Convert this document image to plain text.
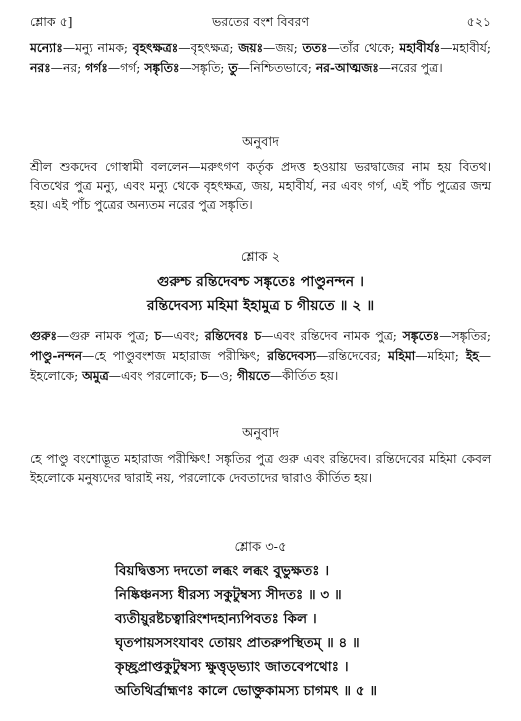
শ্লোক ৫]	ভরতের বংশ বিবরণ	৫২১

মন্যোঃ—মন্যু নামক; বৃহৎক্ষত্রঃ—বৃহৎক্ষত্র; জয়ঃ—জয়; ততঃ—তাঁর থেকে; মহাবীর্যঃ—মহাবীর্য; নরঃ—নর; গর্গঃ—গর্গ; সঙ্কৃতিঃ—সঙ্কৃতি; তু—নিশ্চিতভাবে; নর-আত্মজঃ—নরের পুত্র।

অনুবাদ

শ্রীল শুকদেব গোস্বামী বললেন—মরুৎগণ কর্তৃক প্রদত্ত হওয়ায় ভরদ্বাজের নাম হয় বিতথ। বিতথের পুত্র মন্যু, এবং মন্যু থেকে বৃহৎক্ষত্র, জয়, মহাবীর্য, নর এবং গর্গ, এই পাঁচ পুত্রের জন্ম হয়। এই পাঁচ পুত্রের অন্যতম নরের পুত্র সঙ্কৃতি।

শ্লোক ২
গুরুশ্চ রন্তিদেবশ্চ সঙ্কৃতেঃ পাণ্ডুনন্দন ।
রন্তিদেবস্য মহিমা ইহামুত্র চ গীয়তে ॥ ২ ॥

গুরুঃ—গুরু নামক পুত্র; চ—এবং; রন্তিদেবঃ চ—এবং রন্তিদেব নামক পুত্র; সঙ্কৃতেঃ—সঙ্কৃতির; পাণ্ডু-নন্দন—হে পাণ্ডুবংশজ মহারাজ পরীক্ষিৎ; রন্তিদেবস্য—রন্তিদেবের; মহিমা—মহিমা; ইহ—ইহলোকে; অমুত্র—এবং পরলোকে; চ—ও; গীয়তে—কীর্তিত হয়।

অনুবাদ

হে পাণ্ডু বংশোদ্ভূত মহারাজ পরীক্ষিৎ! সঙ্কৃতির পুত্র গুরু এবং রন্তিদেব। রন্তিদেবের মহিমা কেবল ইহলোকে মনুষ্যদের দ্বারাই নয়, পরলোকে দেবতাদের দ্বারাও কীর্তিত হয়।

শ্লোক ৩-৫
বিয়দ্বিত্তস্য দদতো লব্ধং লব্ধং বুভুক্ষতঃ ।
নিষ্কিঞ্চনস্য ধীরস্য সকুটুম্বস্য সীদতঃ ॥ ৩ ॥
ব্যতীয়ুরষ্টচত্বারিংশদহান্যপিবতঃ কিল ।
ঘৃতপায়সসংযাবং তোয়ং প্রাতরুপস্থিতম্ ॥ ৪ ॥
কৃচ্ছ্রপ্রাপ্তকুটুম্বস্য ক্ষুত্তৃড্ভ্যাং জাতবেপথোঃ ।
অতিথির্ব্রাহ্মণঃ কালে ভোক্তুকামস্য চাগমৎ ॥ ৫ ॥
